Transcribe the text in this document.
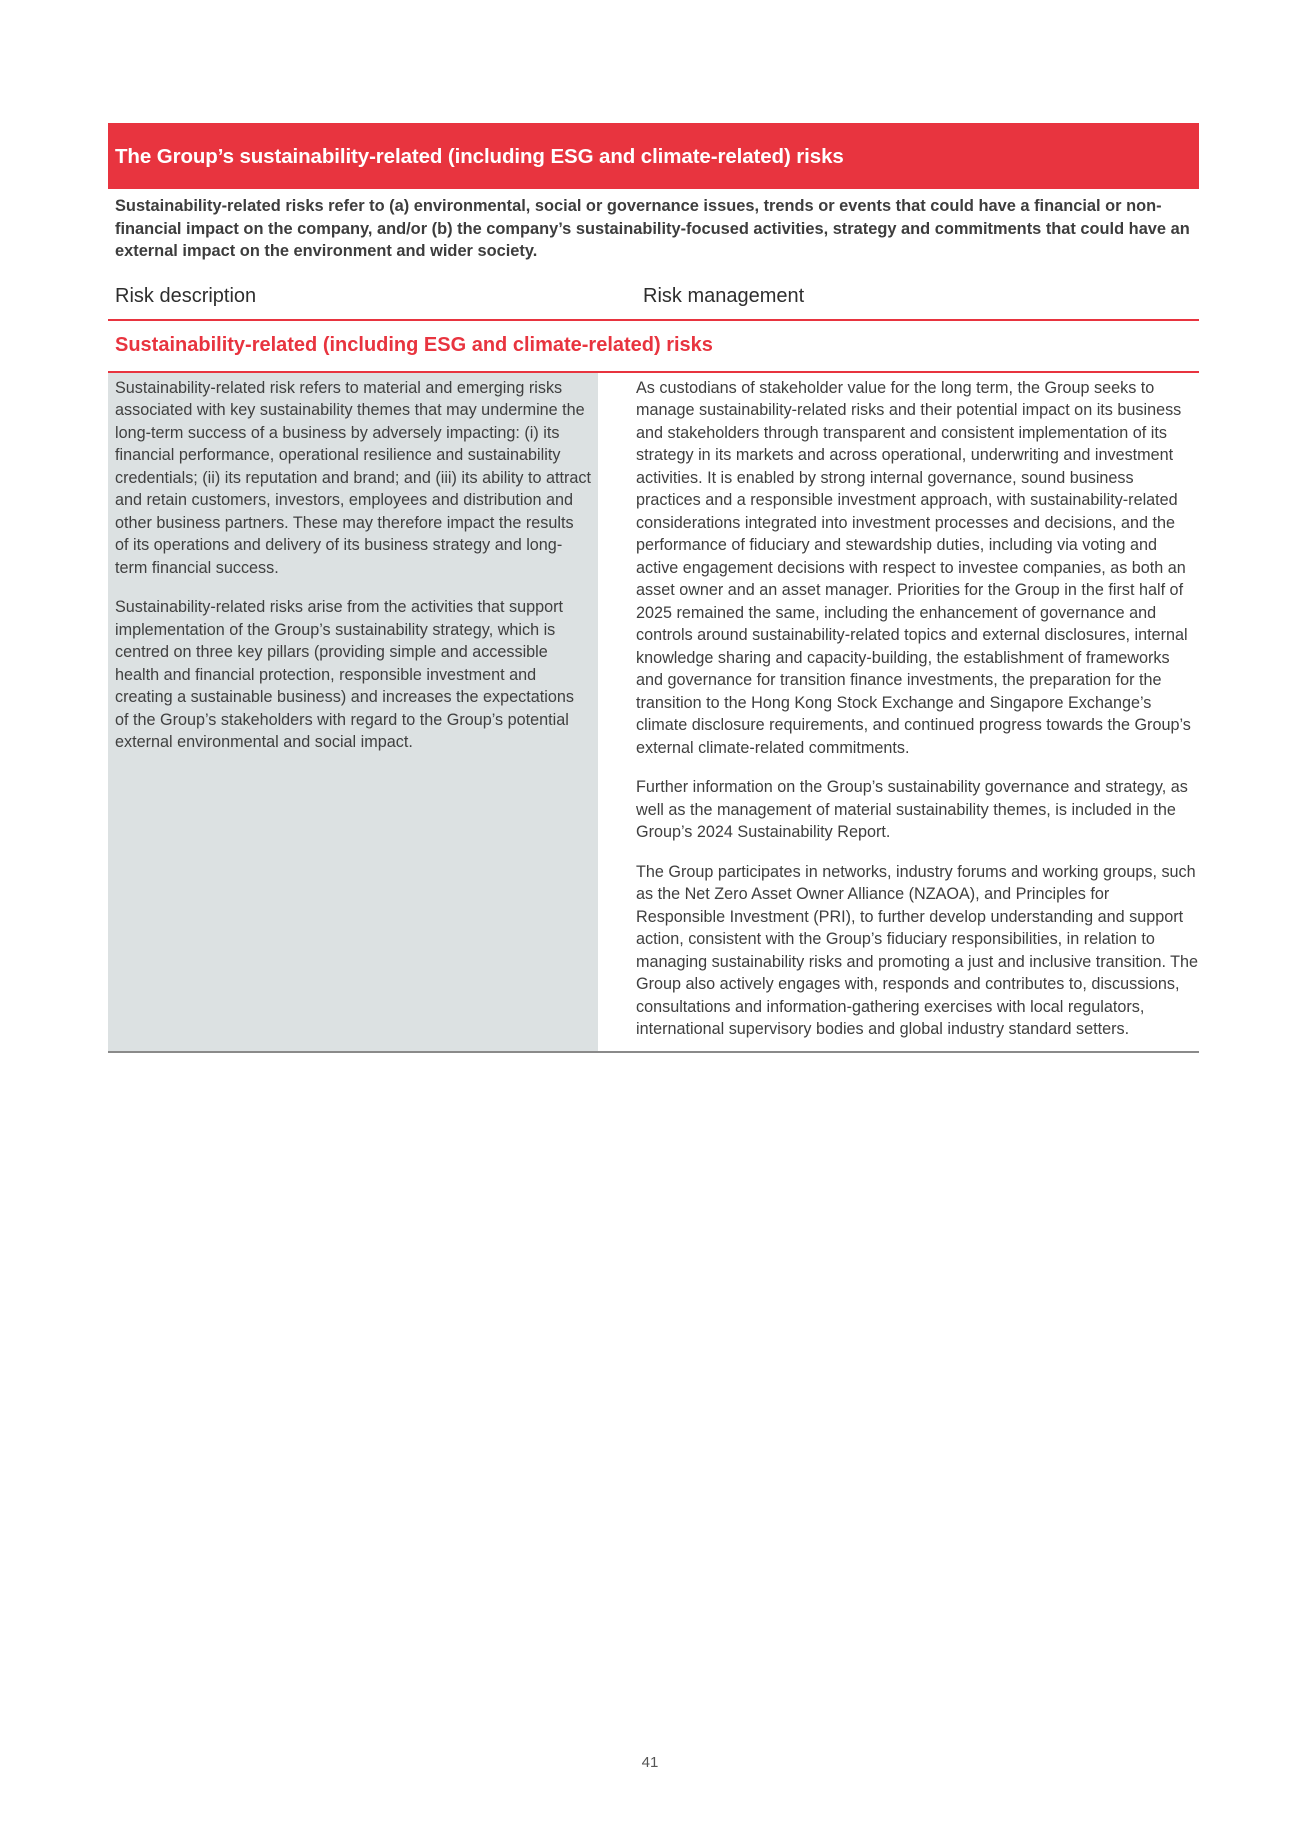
The Group’s sustainability-related (including ESG and climate-related) risks

Sustainability-related risks refer to (a) environmental, social or governance issues, trends or events that could have a financial or non-financial impact on the company, and/or (b) the company’s sustainability-focused activities, strategy and commitments that could have an external impact on the environment and wider society.

Risk description	Risk management
Sustainability-related (including ESG and climate-related) risks

Sustainability-related risk refers to material and emerging risks associated with key sustainability themes that may undermine the long-term success of a business by adversely impacting: (i) its financial performance, operational resilience and sustainability credentials; (ii) its reputation and brand; and (iii) its ability to attract and retain customers, investors, employees and distribution and other business partners. These may therefore impact the results of its operations and delivery of its business strategy and long-term financial success.

Sustainability-related risks arise from the activities that support implementation of the Group’s sustainability strategy, which is centred on three key pillars (providing simple and accessible health and financial protection, responsible investment and creating a sustainable business) and increases the expectations of the Group’s stakeholders with regard to the Group’s potential external environmental and social impact.

As custodians of stakeholder value for the long term, the Group seeks to manage sustainability-related risks and their potential impact on its business and stakeholders through transparent and consistent implementation of its strategy in its markets and across operational, underwriting and investment activities. It is enabled by strong internal governance, sound business practices and a responsible investment approach, with sustainability-related considerations integrated into investment processes and decisions, and the performance of fiduciary and stewardship duties, including via voting and active engagement decisions with respect to investee companies, as both an asset owner and an asset manager. Priorities for the Group in the first half of 2025 remained the same, including the enhancement of governance and controls around sustainability-related topics and external disclosures, internal knowledge sharing and capacity-building, the establishment of frameworks and governance for transition finance investments, the preparation for the transition to the Hong Kong Stock Exchange and Singapore Exchange’s climate disclosure requirements, and continued progress towards the Group’s external climate-related commitments.

Further information on the Group’s sustainability governance and strategy, as well as the management of material sustainability themes, is included in the Group’s 2024 Sustainability Report.

The Group participates in networks, industry forums and working groups, such as the Net Zero Asset Owner Alliance (NZAOA), and Principles for Responsible Investment (PRI), to further develop understanding and support action, consistent with the Group’s fiduciary responsibilities, in relation to managing sustainability risks and promoting a just and inclusive transition. The Group also actively engages with, responds and contributes to, discussions, consultations and information-gathering exercises with local regulators, international supervisory bodies and global industry standard setters.

41
